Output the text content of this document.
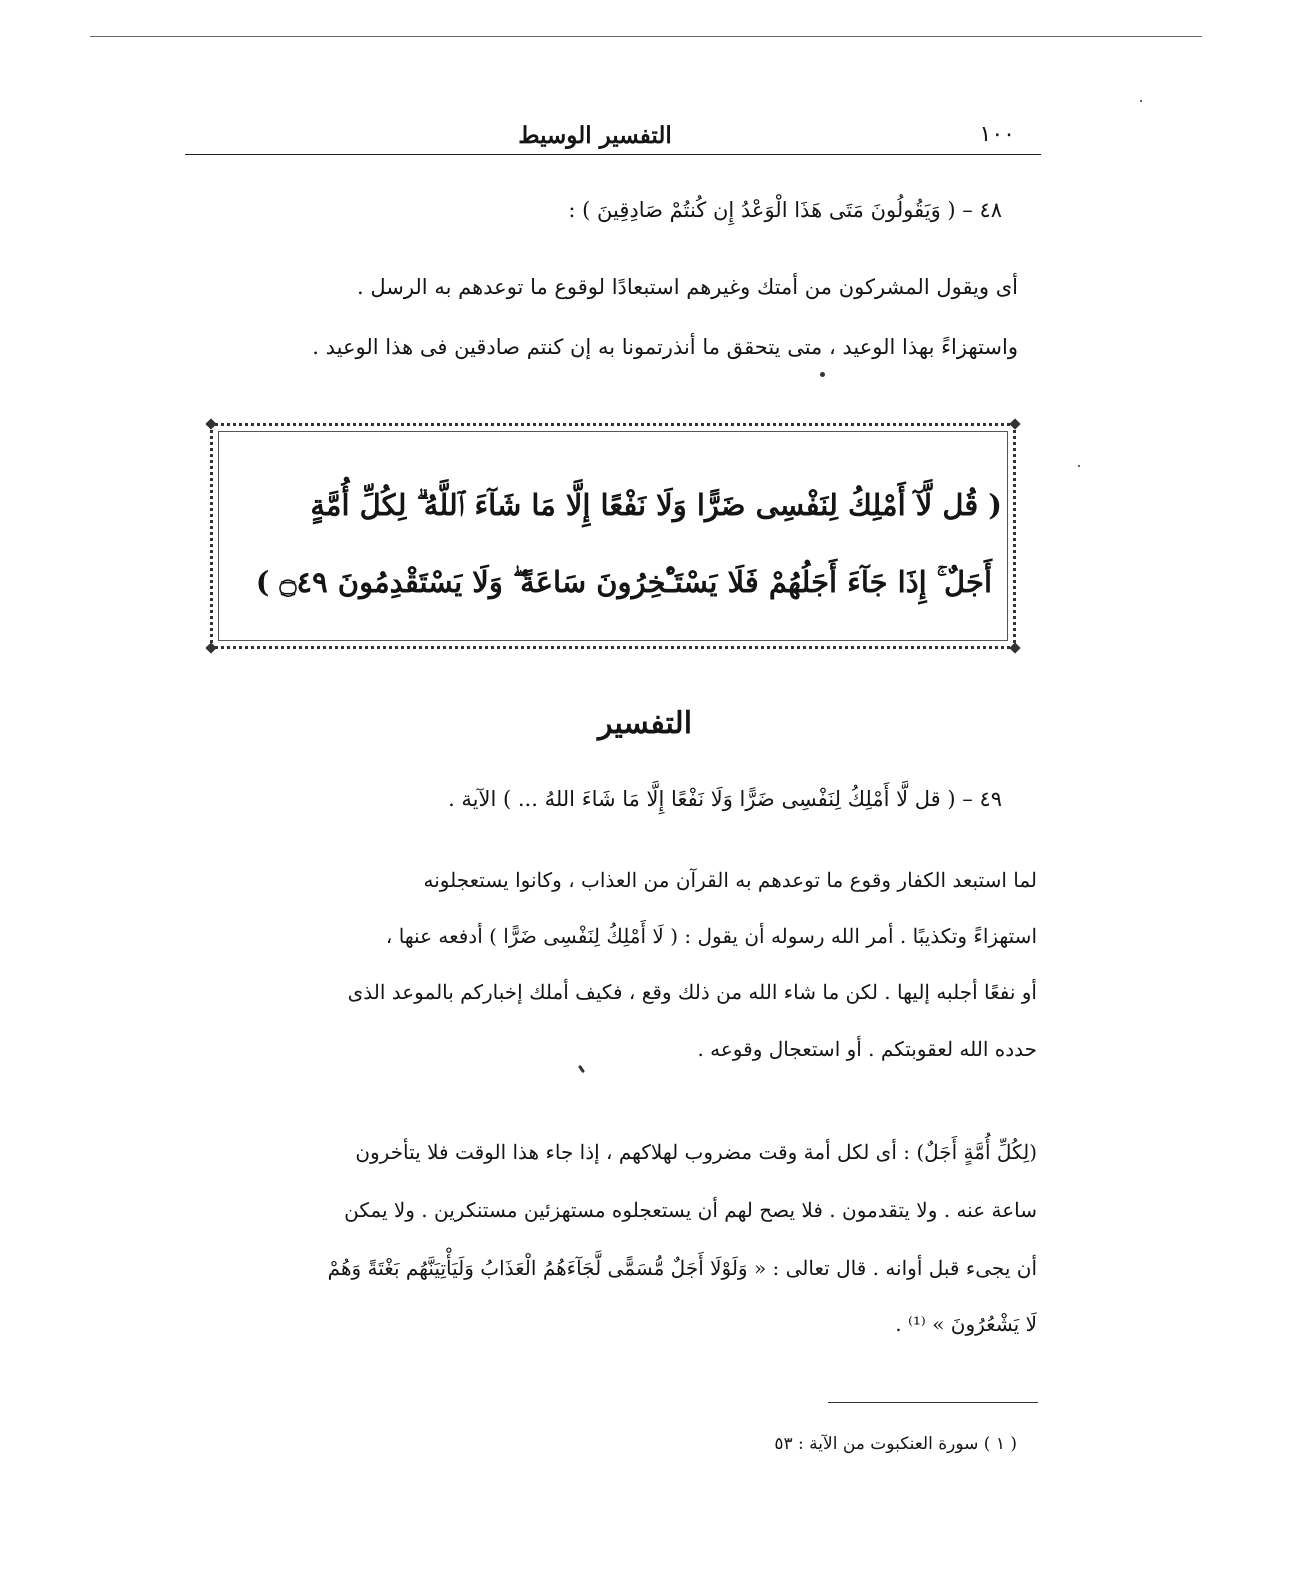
التفسير الوسيط	١٠٠
٤٨ – ( وَيَقُولُونَ مَتَى هَذَا الْوَعْدُ إِن كُنتُمْ صَادِقِينَ ) :
أى ويقول المشركون من أمتك وغيرهم استبعادًا لوقوع ما توعدهم به الرسل .
واستهزاءً بهذا الوعيد ، متى يتحقق ما أنذرتمونا به إن كنتم صادقين فى هذا الوعيد .
( قُل لَّآ أَمْلِكُ لِنَفْسِى ضَرًّا وَلَا نَفْعًا إِلَّا مَا شَآءَ ٱللَّهُ ۗ لِكُلِّ أُمَّةٍ
أَجَلٌ ۚ إِذَا جَآءَ أَجَلُهُمْ فَلَا يَسْتَـْٔخِرُونَ سَاعَةً ۖ وَلَا يَسْتَقْدِمُونَ ۝٤٩ )
التفسير
٤٩ – ( قل لَّا أَمْلِكُ لِنَفْسِى ضَرًّا وَلَا نَفْعًا إِلَّا مَا شَاءَ اللهُ ... ) الآية .
لما استبعد الكفار وقوع ما توعدهم به القرآن من العذاب ، وكانوا يستعجلونه
استهزاءً وتكذيبًا . أمر الله رسوله أن يقول : ( لَا أَمْلِكُ لِنَفْسِى ضَرًّا ) أدفعه عنها ،
أو نفعًا أجلبه إليها . لكن ما شاء الله من ذلك وقع ، فكيف أملك إخباركم بالموعد الذى
حدده الله لعقوبتكم . أو استعجال وقوعه .
(لِكُلِّ أُمَّةٍ أَجَلٌ) : أى لكل أمة وقت مضروب لهلاكهم ، إذا جاء هذا الوقت فلا يتأخرون
ساعة عنه . ولا يتقدمون . فلا يصح لهم أن يستعجلوه مستهزئين مستنكرين . ولا يمكن
أن يجىء قبل أوانه . قال تعالى : « وَلَوْلَا أَجَلٌ مُّسَمًّى لَّجَآءَهُمُ الْعَذَابُ وَلَيَأْتِيَنَّهُم بَغْتَةً وَهُمْ
لَا يَشْعُرُونَ » ⁽¹⁾ .
( ١ ) سورة العنكبوت من الآية : ٥٣
